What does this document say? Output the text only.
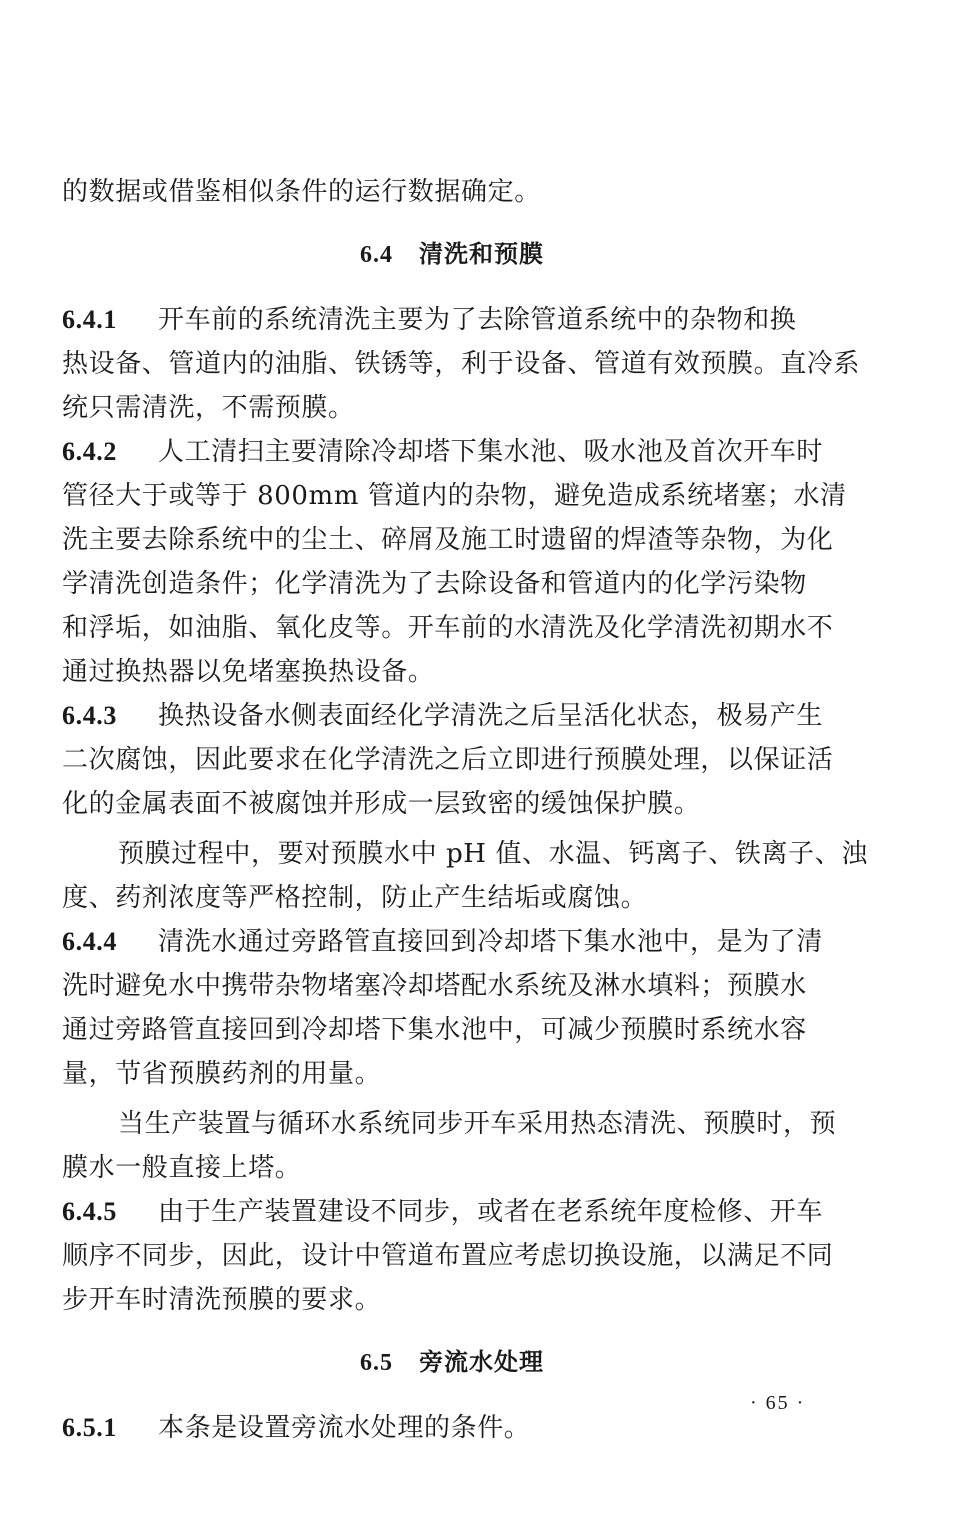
的数据或借鉴相似条件的运行数据确定。
6.4 清洗和预膜
6.4.1 开车前的系统清洗主要为了去除管道系统中的杂物和换
热设备、管道内的油脂、铁锈等，利于设备、管道有效预膜。直冷系
统只需清洗，不需预膜。
6.4.2 人工清扫主要清除冷却塔下集水池、吸水池及首次开车时
管径大于或等于 800mm 管道内的杂物，避免造成系统堵塞；水清
洗主要去除系统中的尘土、碎屑及施工时遗留的焊渣等杂物，为化
学清洗创造条件；化学清洗为了去除设备和管道内的化学污染物
和浮垢，如油脂、氧化皮等。开车前的水清洗及化学清洗初期水不
通过换热器以免堵塞换热设备。
6.4.3 换热设备水侧表面经化学清洗之后呈活化状态，极易产生
二次腐蚀，因此要求在化学清洗之后立即进行预膜处理，以保证活
化的金属表面不被腐蚀并形成一层致密的缓蚀保护膜。
预膜过程中，要对预膜水中 pH 值、水温、钙离子、铁离子、浊
度、药剂浓度等严格控制，防止产生结垢或腐蚀。
6.4.4 清洗水通过旁路管直接回到冷却塔下集水池中，是为了清
洗时避免水中携带杂物堵塞冷却塔配水系统及淋水填料；预膜水
通过旁路管直接回到冷却塔下集水池中，可减少预膜时系统水容
量，节省预膜药剂的用量。
当生产装置与循环水系统同步开车采用热态清洗、预膜时，预
膜水一般直接上塔。
6.4.5 由于生产装置建设不同步，或者在老系统年度检修、开车
顺序不同步，因此，设计中管道布置应考虑切换设施，以满足不同
步开车时清洗预膜的要求。
6.5 旁流水处理
6.5.1 本条是设置旁流水处理的条件。
· 65 ·
